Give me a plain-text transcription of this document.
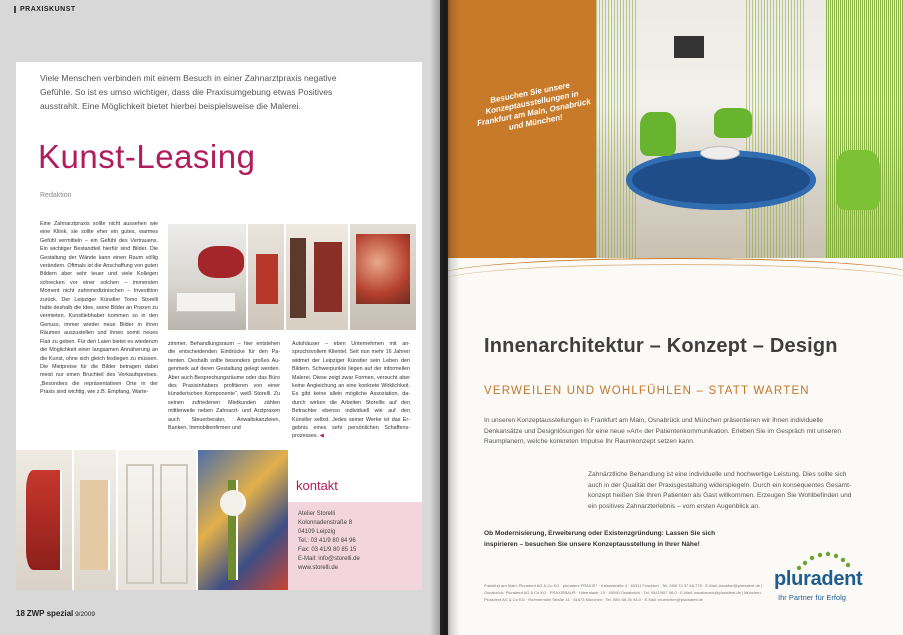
PRAXISKUNST
Viele Menschen verbinden mit einem Besuch in einer Zahnarztpraxis negative Gefühle. So ist es umso wichtiger, dass die Praxisumgebung etwas Positives ausstrahlt. Eine Möglichkeit bietet hierbei beispielsweise die Malerei.
Kunst-Leasing
Redaktion
Eine Zahnarztpraxis sollte nicht aussehen wie eine Klinik, sie sollte eher ein gutes, warmes Gefühl vermitteln – ein Gefühl des Vertrauens. Ein wichtiger Bestandteil hierfür sind Bilder. Die Gestaltung der Wände kann einen Raum völlig verändern. Oftmals ist die Anschaffung von guten Bildern aber sehr teuer und viele Kollegen schrecken vor einer solchen – immersten Moment nicht zahnmedizinischen – Investition zurück. Der Leipziger Künstler Tomo Storelli hatte deshalb die Idee, seine Bilder an Praxen zu vermieten. Kunstliebhaber kommen so in den Genuss, immer wieder neue Bilder in ihren Räumen auszustellen und ihnen somit neues Flair zu geben. Für den Laien bietet es wiederum die Möglichkeit einer langsamen Annäherung an die Kunst, ohne sich gleich festlegen zu müssen. Die Mietpreise für die Bilder betragen dabei meist nur einen Bruchteil des Verkaufspreises. „Besonders die repräsentativen Orte in der Praxis sind wichtig, wie z.B. Empfang, Warte-
zimmer, Behandlungsraum – hier entstehen die entscheidenden Eindrücke für den Patienten. Deshalb sollte besonders großes Augenmerk auf deren Gestaltung gelegt werden. Aber auch Besprechungsräume oder das Büro des Praxisinhabers profitieren von einer künstlerischen Komponente“, weiß Storelli. Zu seinen zufriedenen Mietkunden zählen mittlerweile neben Zahnarzt- und Arztpraxen auch Steuerberater, Anwaltskanzleien, Banken, Immobilienfirmen und
Autohäuser – eben Unternehmen mit anspruchsvollem Klientel. Seit nun mehr 16 Jahren widmet der Leipziger Künstler sein Leben den Bildern. Schwerpunkte liegen auf der informellen Malerei. Diese zeigt zwar Formen, versucht aber keine Angleichung an eine konkrete Wirklichkeit. Es gibt keine allein mögliche Assoziation, dadurch wirken die Arbeiten Storellis auf den Betrachter ebenso individuell wie auf den Künstler selbst. Jedes seiner Werke ist das Ergebnis eines sehr persönlichen Schaffensprozesses. ◀
kontakt
Atelier Storelli
Kolonnadenstraße 8
04109 Leipzig
Tel.: 03 41/9 80 84 96
Fax: 03 41/9 80 85 15
E-Mail: info@storelli.de
www.storelli.de
18 ZWP spezial 9/2009
Besuchen Sie unsere Konzeptausstellungen in Frankfurt am Main, Osnabrück und München!
Innenarchitektur – Konzept – Design
VERWEILEN UND WOHLFÜHLEN – STATT WARTEN
In unseren Konzeptausstellungen in Frankfurt am Main, Osnabrück und München präsentieren wir Ihnen individuelle Denkansätze und Designlösungen für eine neue »Art« der Patientenkommunikation. Erleben Sie im Gespräch mit unseren Raumplanern, welche konkreten Impulse Ihr Raumkonzept setzen kann.
Zahnärztliche Behandlung ist eine individuelle und hochwertige Leistung. Dies sollte sich auch in der Qualität der Praxisgestaltung widerspiegeln. Durch ein konsequentes Gesamtkonzept heißen Sie Ihren Patienten als Gast willkommen. Erzeugen Sie Wohlbefinden und ein positives Zahnarzterlebnis – vom ersten Augenblick an.
Ob Modernisierung, Erweiterung oder Existenzgründung: Lassen Sie sich inspirieren – besuchen Sie unsere Konzeptausstellung in Ihrer Nähe!
Frankfurt am Main: Pluradent AG & Co KG · pluradent PRAXIS⁺ · Kaiserstraße 4 · 60311 Frankfurt · Tel. 069/ 74 37 48-775 · E-Mail: frankfurt@pluradent.de | Osnabrück: Pluradent AG & Co KG · PRAXISBAU® · Hiberniastr. 15 · 49090 Osnabrück · Tel. 0541/957 98-0 · E-Mail: osnabrueck@pluradent.de | München: Pluradent AG & Co KG · Roemermühl Straße 41 · 81673 München · Tel. 089 /46 26 93-0 · E-Mail: muenchen@pluradent.de
pluradent
Ihr Partner für Erfolg
